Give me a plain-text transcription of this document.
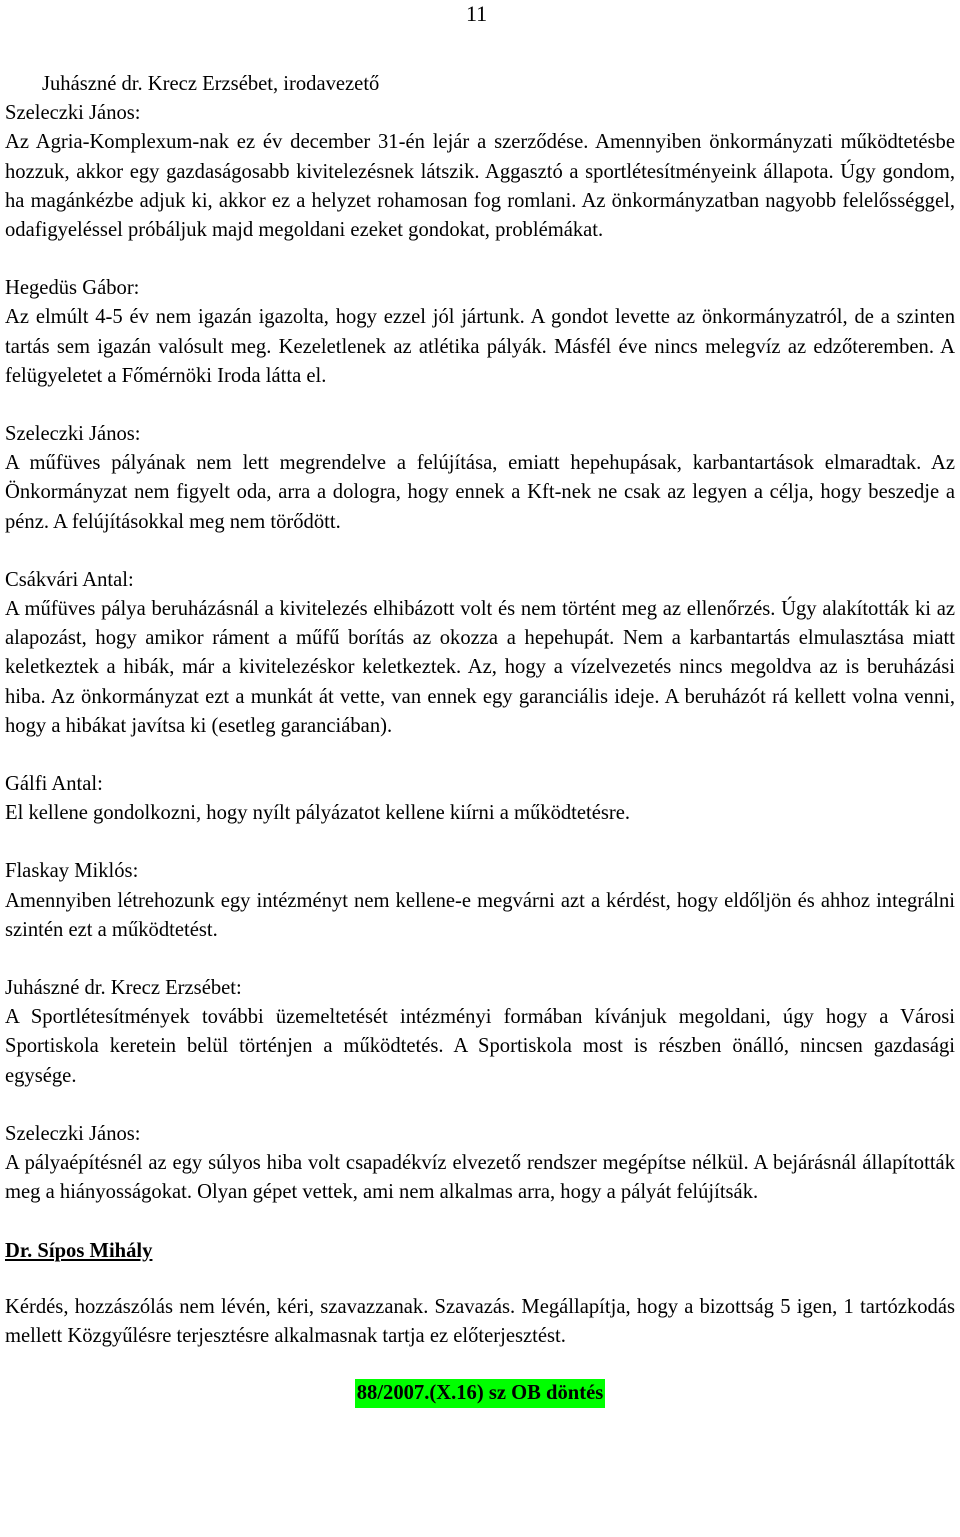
11

Juhászné dr. Krecz Erzsébet, irodavezető

Szeleczki János:

Az Agria-Komplexum-nak ez év december 31-én lejár a szerződése. Amennyiben önkormányzati működtetésbe hozzuk, akkor egy gazdaságosabb kivitelezésnek látszik. Aggasztó a sportlétesítményeink állapota. Úgy gondom, ha magánkézbe adjuk ki, akkor ez a helyzet rohamosan fog romlani. Az önkormányzatban nagyobb felelősséggel, odafigyeléssel próbáljuk majd megoldani ezeket gondokat, problémákat.

Hegedüs Gábor:

Az elmúlt 4-5 év nem igazán igazolta, hogy ezzel jól jártunk. A gondot levette az önkormányzatról, de a szinten tartás sem igazán valósult meg. Kezeletlenek az atlétika pályák. Másfél éve nincs melegvíz az edzőteremben. A felügyeletet a Főmérnöki Iroda látta el.

Szeleczki János:

A műfüves pályának nem lett megrendelve a felújítása, emiatt hepehupásak, karbantartások elmaradtak. Az Önkormányzat nem figyelt oda, arra a dologra, hogy ennek a Kft-nek ne csak az legyen a célja, hogy beszedje a pénz. A felújításokkal meg nem törődött.

Csákvári Antal:

A műfüves pálya beruházásnál a kivitelezés elhibázott volt és nem történt meg az ellenőrzés. Úgy alakították ki az alapozást, hogy amikor ráment a műfű borítás az okozza a hepehupát. Nem a karbantartás elmulasztása miatt keletkeztek a hibák, már a kivitelezéskor keletkeztek. Az, hogy a vízelvezetés nincs megoldva az is beruházási hiba. Az önkormányzat ezt a munkát át vette, van ennek egy garanciális ideje. A beruházót rá kellett volna venni, hogy a hibákat javítsa ki (esetleg garanciában).

Gálfi Antal:

El kellene gondolkozni, hogy nyílt pályázatot kellene kiírni a működtetésre.

Flaskay Miklós:

Amennyiben létrehozunk egy intézményt nem kellene-e megvárni azt a kérdést, hogy eldőljön és ahhoz integrálni szintén ezt a működtetést.

Juhászné dr. Krecz Erzsébet:

A Sportlétesítmények további üzemeltetését intézményi formában kívánjuk megoldani, úgy hogy a Városi Sportiskola keretein belül történjen a működtetés. A Sportiskola most is részben önálló, nincsen gazdasági egysége.

Szeleczki János:

A pályaépítésnél az egy súlyos hiba volt csapadékvíz elvezető rendszer megépítse nélkül. A bejárásnál állapították meg a hiányosságokat. Olyan gépet vettek, ami nem alkalmas arra, hogy a pályát felújítsák.

Dr. Sípos Mihály

Kérdés, hozzászólás nem lévén, kéri, szavazzanak. Szavazás. Megállapítja, hogy a bizottság 5 igen, 1 tartózkodás mellett Közgyűlésre terjesztésre alkalmasnak tartja ez előterjesztést.

88/2007.(X.16) sz OB döntés
